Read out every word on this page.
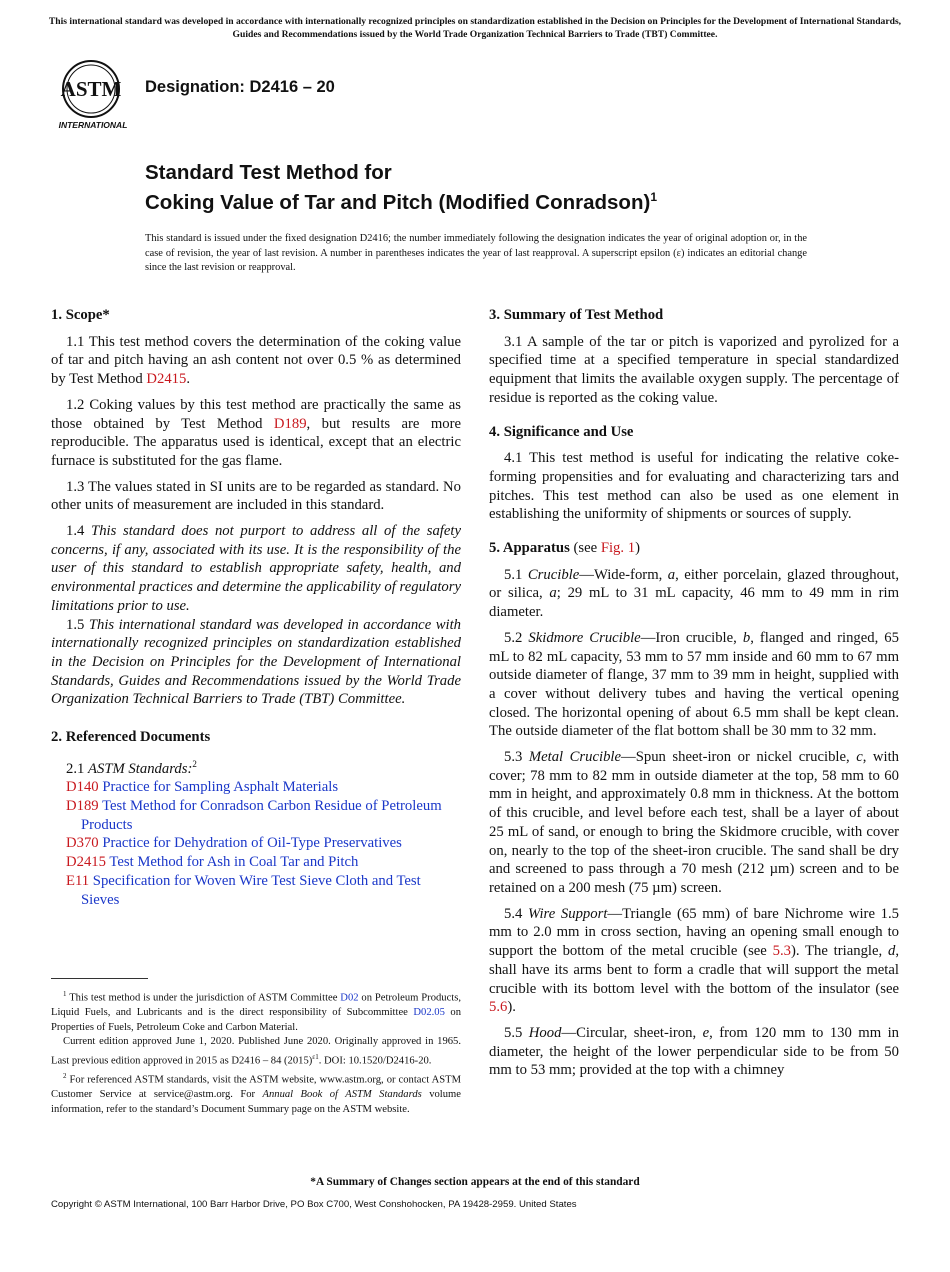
This international standard was developed in accordance with internationally recognized principles on standardization established in the Decision on Principles for the Development of International Standards, Guides and Recommendations issued by the World Trade Organization Technical Barriers to Trade (TBT) Committee.
ASTM
INTERNATIONAL
Designation: D2416 – 20
Standard Test Method for
Coking Value of Tar and Pitch (Modified Conradson)$^1$
This standard is issued under the fixed designation D2416; the number immediately following the designation indicates the year of original adoption or, in the case of revision, the year of last revision. A number in parentheses indicates the year of last reapproval. A superscript epsilon (ε) indicates an editorial change since the last revision or reapproval.
1. Scope*

1.1 This test method covers the determination of the coking value of tar and pitch having an ash content not over 0.5 % as determined by Test Method D2415.

1.2 Coking values by this test method are practically the same as those obtained by Test Method D189, but results are more reproducible. The apparatus used is identical, except that an electric furnace is substituted for the gas flame.

1.3 The values stated in SI units are to be regarded as standard. No other units of measurement are included in this standard.

1.4 This standard does not purport to address all of the safety concerns, if any, associated with its use. It is the responsibility of the user of this standard to establish appropriate safety, health, and environmental practices and determine the applicability of regulatory limitations prior to use.

1.5 This international standard was developed in accordance with internationally recognized principles on standardization established in the Decision on Principles for the Development of International Standards, Guides and Recommendations issued by the World Trade Organization Technical Barriers to Trade (TBT) Committee.

2. Referenced Documents
2.1 ASTM Standards:$^2$
D140 Practice for Sampling Asphalt Materials
D189 Test Method for Conradson Carbon Residue of Petroleum Products
D370 Practice for Dehydration of Oil-Type Preservatives
D2415 Test Method for Ash in Coal Tar and Pitch
E11 Specification for Woven Wire Test Sieve Cloth and Test Sieves

$^1$ This test method is under the jurisdiction of ASTM Committee D02 on Petroleum Products, Liquid Fuels, and Lubricants and is the direct responsibility of Subcommittee D02.05 on Properties of Fuels, Petroleum Coke and Carbon Material.

Current edition approved June 1, 2020. Published June 2020. Originally approved in 1965. Last previous edition approved in 2015 as D2416 – 84 $(2015)^{\varepsilon 1}$. DOI: 10.1520/D2416-20.

$^2$ For referenced ASTM standards, visit the ASTM website, www.astm.org, or contact ASTM Customer Service at service@astm.org. For Annual Book of ASTM Standards volume information, refer to the standard’s Document Summary page on the ASTM website.

3. Summary of Test Method

3.1 A sample of the tar or pitch is vaporized and pyrolized for a specified time at a specified temperature in special standardized equipment that limits the available oxygen supply. The percentage of residue is reported as the coking value.

4. Significance and Use

4.1 This test method is useful for indicating the relative coke-forming propensities and for evaluating and characterizing tars and pitches. This test method can also be used as one element in establishing the uniformity of shipments or sources of supply.

5. Apparatus (see Fig. 1)

5.1 Crucible—Wide-form, a, either porcelain, glazed throughout, or silica, a; 29 mL to 31 mL capacity, 46 mm to 49 mm in rim diameter.

5.2 Skidmore Crucible—Iron crucible, b, flanged and ringed, 65 mL to 82 mL capacity, 53 mm to 57 mm inside and 60 mm to 67 mm outside diameter of flange, 37 mm to 39 mm in height, supplied with a cover without delivery tubes and having the vertical opening closed. The horizontal opening of about 6.5 mm shall be kept clean. The outside diameter of the flat bottom shall be 30 mm to 32 mm.

5.3 Metal Crucible—Spun sheet-iron or nickel crucible, c, with cover; 78 mm to 82 mm in outside diameter at the top, 58 mm to 60 mm in height, and approximately 0.8 mm in thickness. At the bottom of this crucible, and level before each test, shall be a layer of about 25 mL of sand, or enough to bring the Skidmore crucible, with cover on, nearly to the top of the sheet-iron crucible. The sand shall be dry and screened to pass through a 70 mesh (212 µm) screen and to be retained on a 200 mesh (75 µm) screen.

5.4 Wire Support—Triangle (65 mm) of bare Nichrome wire 1.5 mm to 2.0 mm in cross section, having an opening small enough to support the bottom of the metal crucible (see 5.3). The triangle, d, shall have its arms bent to form a cradle that will support the metal crucible with its bottom level with the bottom of the insulator (see 5.6).

5.5 Hood—Circular, sheet-iron, e, from 120 mm to 130 mm in diameter, the height of the lower perpendicular side to be from 50 mm to 53 mm; provided at the top with a chimney

*A Summary of Changes section appears at the end of this standard
Copyright © ASTM International, 100 Barr Harbor Drive, PO Box C700, West Conshohocken, PA 19428-2959. United States
